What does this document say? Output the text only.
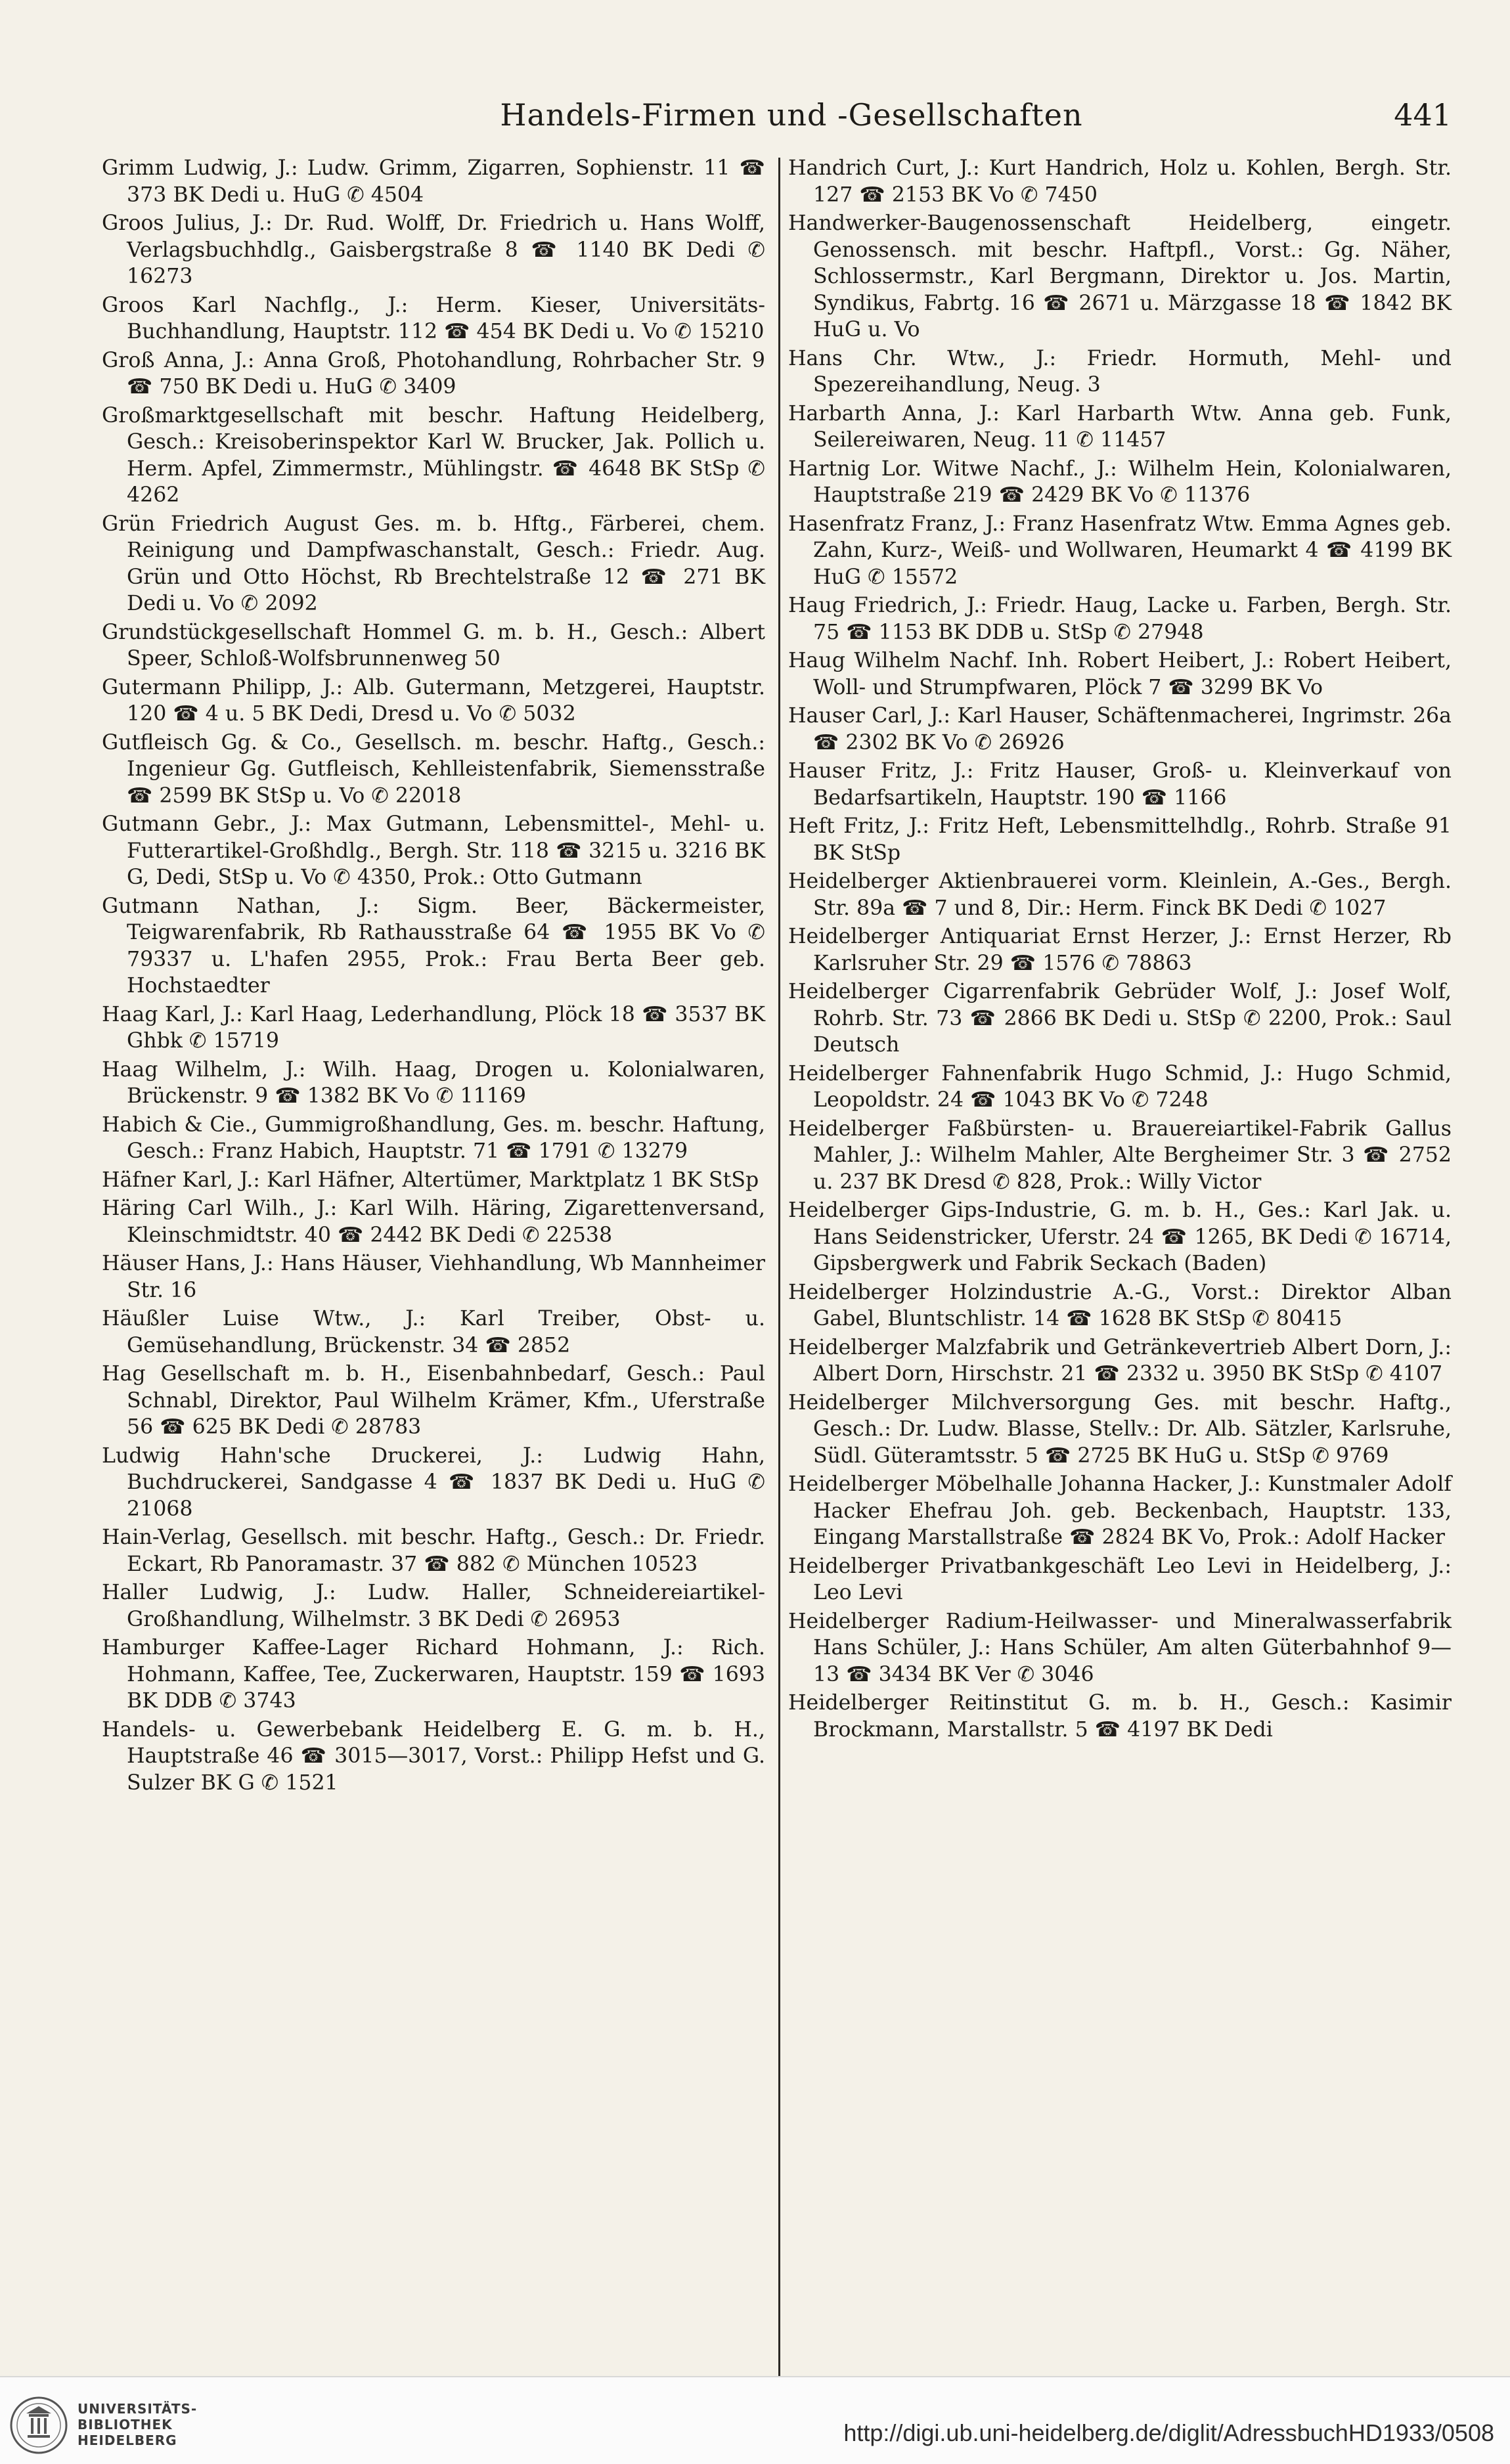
Handels-Firmen und -Gesellschaften	441

Grimm Ludwig, J.: Ludw. Grimm, Zigarren, Sophienstr. 11 ☎ 373 BK Dedi u. HuG ✆ 4504

Groos Julius, J.: Dr. Rud. Wolff, Dr. Friedrich u. Hans Wolff, Verlagsbuchhdlg., Gaisbergstraße 8 ☎ 1140 BK Dedi ✆ 16273

Groos Karl Nachflg., J.: Herm. Kieser, Universitäts-Buchhandlung, Hauptstr. 112 ☎ 454 BK Dedi u. Vo ✆ 15210

Groß Anna, J.: Anna Groß, Photohandlung, Rohrbacher Str. 9 ☎ 750 BK Dedi u. HuG ✆ 3409

Großmarktgesellschaft mit beschr. Haftung Heidelberg, Gesch.: Kreisoberinspektor Karl W. Brucker, Jak. Pollich u. Herm. Apfel, Zimmermstr., Mühlingstr. ☎ 4648 BK StSp ✆ 4262

Grün Friedrich August Ges. m. b. Hftg., Färberei, chem. Reinigung und Dampfwaschanstalt, Gesch.: Friedr. Aug. Grün und Otto Höchst, Rb Brechtelstraße 12 ☎ 271 BK Dedi u. Vo ✆ 2092

Grundstückgesellschaft Hommel G. m. b. H., Gesch.: Albert Speer, Schloß-Wolfsbrunnenweg 50

Gutermann Philipp, J.: Alb. Gutermann, Metzgerei, Hauptstr. 120 ☎ 4 u. 5 BK Dedi, Dresd u. Vo ✆ 5032

Gutfleisch Gg. & Co., Gesellsch. m. beschr. Haftg., Gesch.: Ingenieur Gg. Gutfleisch, Kehlleistenfabrik, Siemensstraße ☎ 2599 BK StSp u. Vo ✆ 22018

Gutmann Gebr., J.: Max Gutmann, Lebensmittel-, Mehl- u. Futterartikel-Großhdlg., Bergh. Str. 118 ☎ 3215 u. 3216 BK G, Dedi, StSp u. Vo ✆ 4350, Prok.: Otto Gutmann

Gutmann Nathan, J.: Sigm. Beer, Bäckermeister, Teigwarenfabrik, Rb Rathausstraße 64 ☎ 1955 BK Vo ✆ 79337 u. L'hafen 2955, Prok.: Frau Berta Beer geb. Hochstaedter

Haag Karl, J.: Karl Haag, Lederhandlung, Plöck 18 ☎ 3537 BK Ghbk ✆ 15719

Haag Wilhelm, J.: Wilh. Haag, Drogen u. Kolonialwaren, Brückenstr. 9 ☎ 1382 BK Vo ✆ 11169

Habich & Cie., Gummigroßhandlung, Ges. m. beschr. Haftung, Gesch.: Franz Habich, Hauptstr. 71 ☎ 1791 ✆ 13279

Häfner Karl, J.: Karl Häfner, Altertümer, Marktplatz 1 BK StSp

Häring Carl Wilh., J.: Karl Wilh. Häring, Zigarettenversand, Kleinschmidtstr. 40 ☎ 2442 BK Dedi ✆ 22538

Häuser Hans, J.: Hans Häuser, Viehhandlung, Wb Mannheimer Str. 16

Häußler Luise Wtw., J.: Karl Treiber, Obst- u. Gemüsehandlung, Brückenstr. 34 ☎ 2852

Hag Gesellschaft m. b. H., Eisenbahnbedarf, Gesch.: Paul Schnabl, Direktor, Paul Wilhelm Krämer, Kfm., Uferstraße 56 ☎ 625 BK Dedi ✆ 28783

Ludwig Hahn'sche Druckerei, J.: Ludwig Hahn, Buchdruckerei, Sandgasse 4 ☎ 1837 BK Dedi u. HuG ✆ 21068

Hain-Verlag, Gesellsch. mit beschr. Haftg., Gesch.: Dr. Friedr. Eckart, Rb Panoramastr. 37 ☎ 882 ✆ München 10523

Haller Ludwig, J.: Ludw. Haller, Schneidereiartikel-Großhandlung, Wilhelmstr. 3 BK Dedi ✆ 26953

Hamburger Kaffee-Lager Richard Hohmann, J.: Rich. Hohmann, Kaffee, Tee, Zuckerwaren, Hauptstr. 159 ☎ 1693 BK DDB ✆ 3743

Handels- u. Gewerbebank Heidelberg E. G. m. b. H., Hauptstraße 46 ☎ 3015—3017, Vorst.: Philipp Hefst und G. Sulzer BK G ✆ 1521

Handrich Curt, J.: Kurt Handrich, Holz u. Kohlen, Bergh. Str. 127 ☎ 2153 BK Vo ✆ 7450

Handwerker-Baugenossenschaft Heidelberg, eingetr. Genossensch. mit beschr. Haftpfl., Vorst.: Gg. Näher, Schlossermstr., Karl Bergmann, Direktor u. Jos. Martin, Syndikus, Fabrtg. 16 ☎ 2671 u. Märzgasse 18 ☎ 1842 BK HuG u. Vo

Hans Chr. Wtw., J.: Friedr. Hormuth, Mehl- und Spezereihandlung, Neug. 3

Harbarth Anna, J.: Karl Harbarth Wtw. Anna geb. Funk, Seilereiwaren, Neug. 11 ✆ 11457

Hartnig Lor. Witwe Nachf., J.: Wilhelm Hein, Kolonialwaren, Hauptstraße 219 ☎ 2429 BK Vo ✆ 11376

Hasenfratz Franz, J.: Franz Hasenfratz Wtw. Emma Agnes geb. Zahn, Kurz-, Weiß- und Wollwaren, Heumarkt 4 ☎ 4199 BK HuG ✆ 15572

Haug Friedrich, J.: Friedr. Haug, Lacke u. Farben, Bergh. Str. 75 ☎ 1153 BK DDB u. StSp ✆ 27948

Haug Wilhelm Nachf. Inh. Robert Heibert, J.: Robert Heibert, Woll- und Strumpfwaren, Plöck 7 ☎ 3299 BK Vo

Hauser Carl, J.: Karl Hauser, Schäftenmacherei, Ingrimstr. 26a ☎ 2302 BK Vo ✆ 26926

Hauser Fritz, J.: Fritz Hauser, Groß- u. Kleinverkauf von Bedarfsartikeln, Hauptstr. 190 ☎ 1166

Heft Fritz, J.: Fritz Heft, Lebensmittelhdlg., Rohrb. Straße 91 BK StSp

Heidelberger Aktienbrauerei vorm. Kleinlein, A.-Ges., Bergh. Str. 89a ☎ 7 und 8, Dir.: Herm. Finck BK Dedi ✆ 1027

Heidelberger Antiquariat Ernst Herzer, J.: Ernst Herzer, Rb Karlsruher Str. 29 ☎ 1576 ✆ 78863

Heidelberger Cigarrenfabrik Gebrüder Wolf, J.: Josef Wolf, Rohrb. Str. 73 ☎ 2866 BK Dedi u. StSp ✆ 2200, Prok.: Saul Deutsch

Heidelberger Fahnenfabrik Hugo Schmid, J.: Hugo Schmid, Leopoldstr. 24 ☎ 1043 BK Vo ✆ 7248

Heidelberger Faßbürsten- u. Brauereiartikel-Fabrik Gallus Mahler, J.: Wilhelm Mahler, Alte Bergheimer Str. 3 ☎ 2752 u. 237 BK Dresd ✆ 828, Prok.: Willy Victor

Heidelberger Gips-Industrie, G. m. b. H., Ges.: Karl Jak. u. Hans Seidenstricker, Uferstr. 24 ☎ 1265, BK Dedi ✆ 16714, Gipsbergwerk und Fabrik Seckach (Baden)

Heidelberger Holzindustrie A.-G., Vorst.: Direktor Alban Gabel, Bluntschlistr. 14 ☎ 1628 BK StSp ✆ 80415

Heidelberger Malzfabrik und Getränkevertrieb Albert Dorn, J.: Albert Dorn, Hirschstr. 21 ☎ 2332 u. 3950 BK StSp ✆ 4107

Heidelberger Milchversorgung Ges. mit beschr. Haftg., Gesch.: Dr. Ludw. Blasse, Stellv.: Dr. Alb. Sätzler, Karlsruhe, Südl. Güteramtsstr. 5 ☎ 2725 BK HuG u. StSp ✆ 9769

Heidelberger Möbelhalle Johanna Hacker, J.: Kunstmaler Adolf Hacker Ehefrau Joh. geb. Beckenbach, Hauptstr. 133, Eingang Marstallstraße ☎ 2824 BK Vo, Prok.: Adolf Hacker

Heidelberger Privatbankgeschäft Leo Levi in Heidelberg, J.: Leo Levi

Heidelberger Radium-Heilwasser- und Mineralwasserfabrik Hans Schüler, J.: Hans Schüler, Am alten Güterbahnhof 9—13 ☎ 3434 BK Ver ✆ 3046

Heidelberger Reitinstitut G. m. b. H., Gesch.: Kasimir Brockmann, Marstallstr. 5 ☎ 4197 BK Dedi

UNIVERSITÄTS-
BIBLIOTHEK
HEIDELBERG	http://digi.ub.uni-heidelberg.de/diglit/AdressbuchHD1933/0508
